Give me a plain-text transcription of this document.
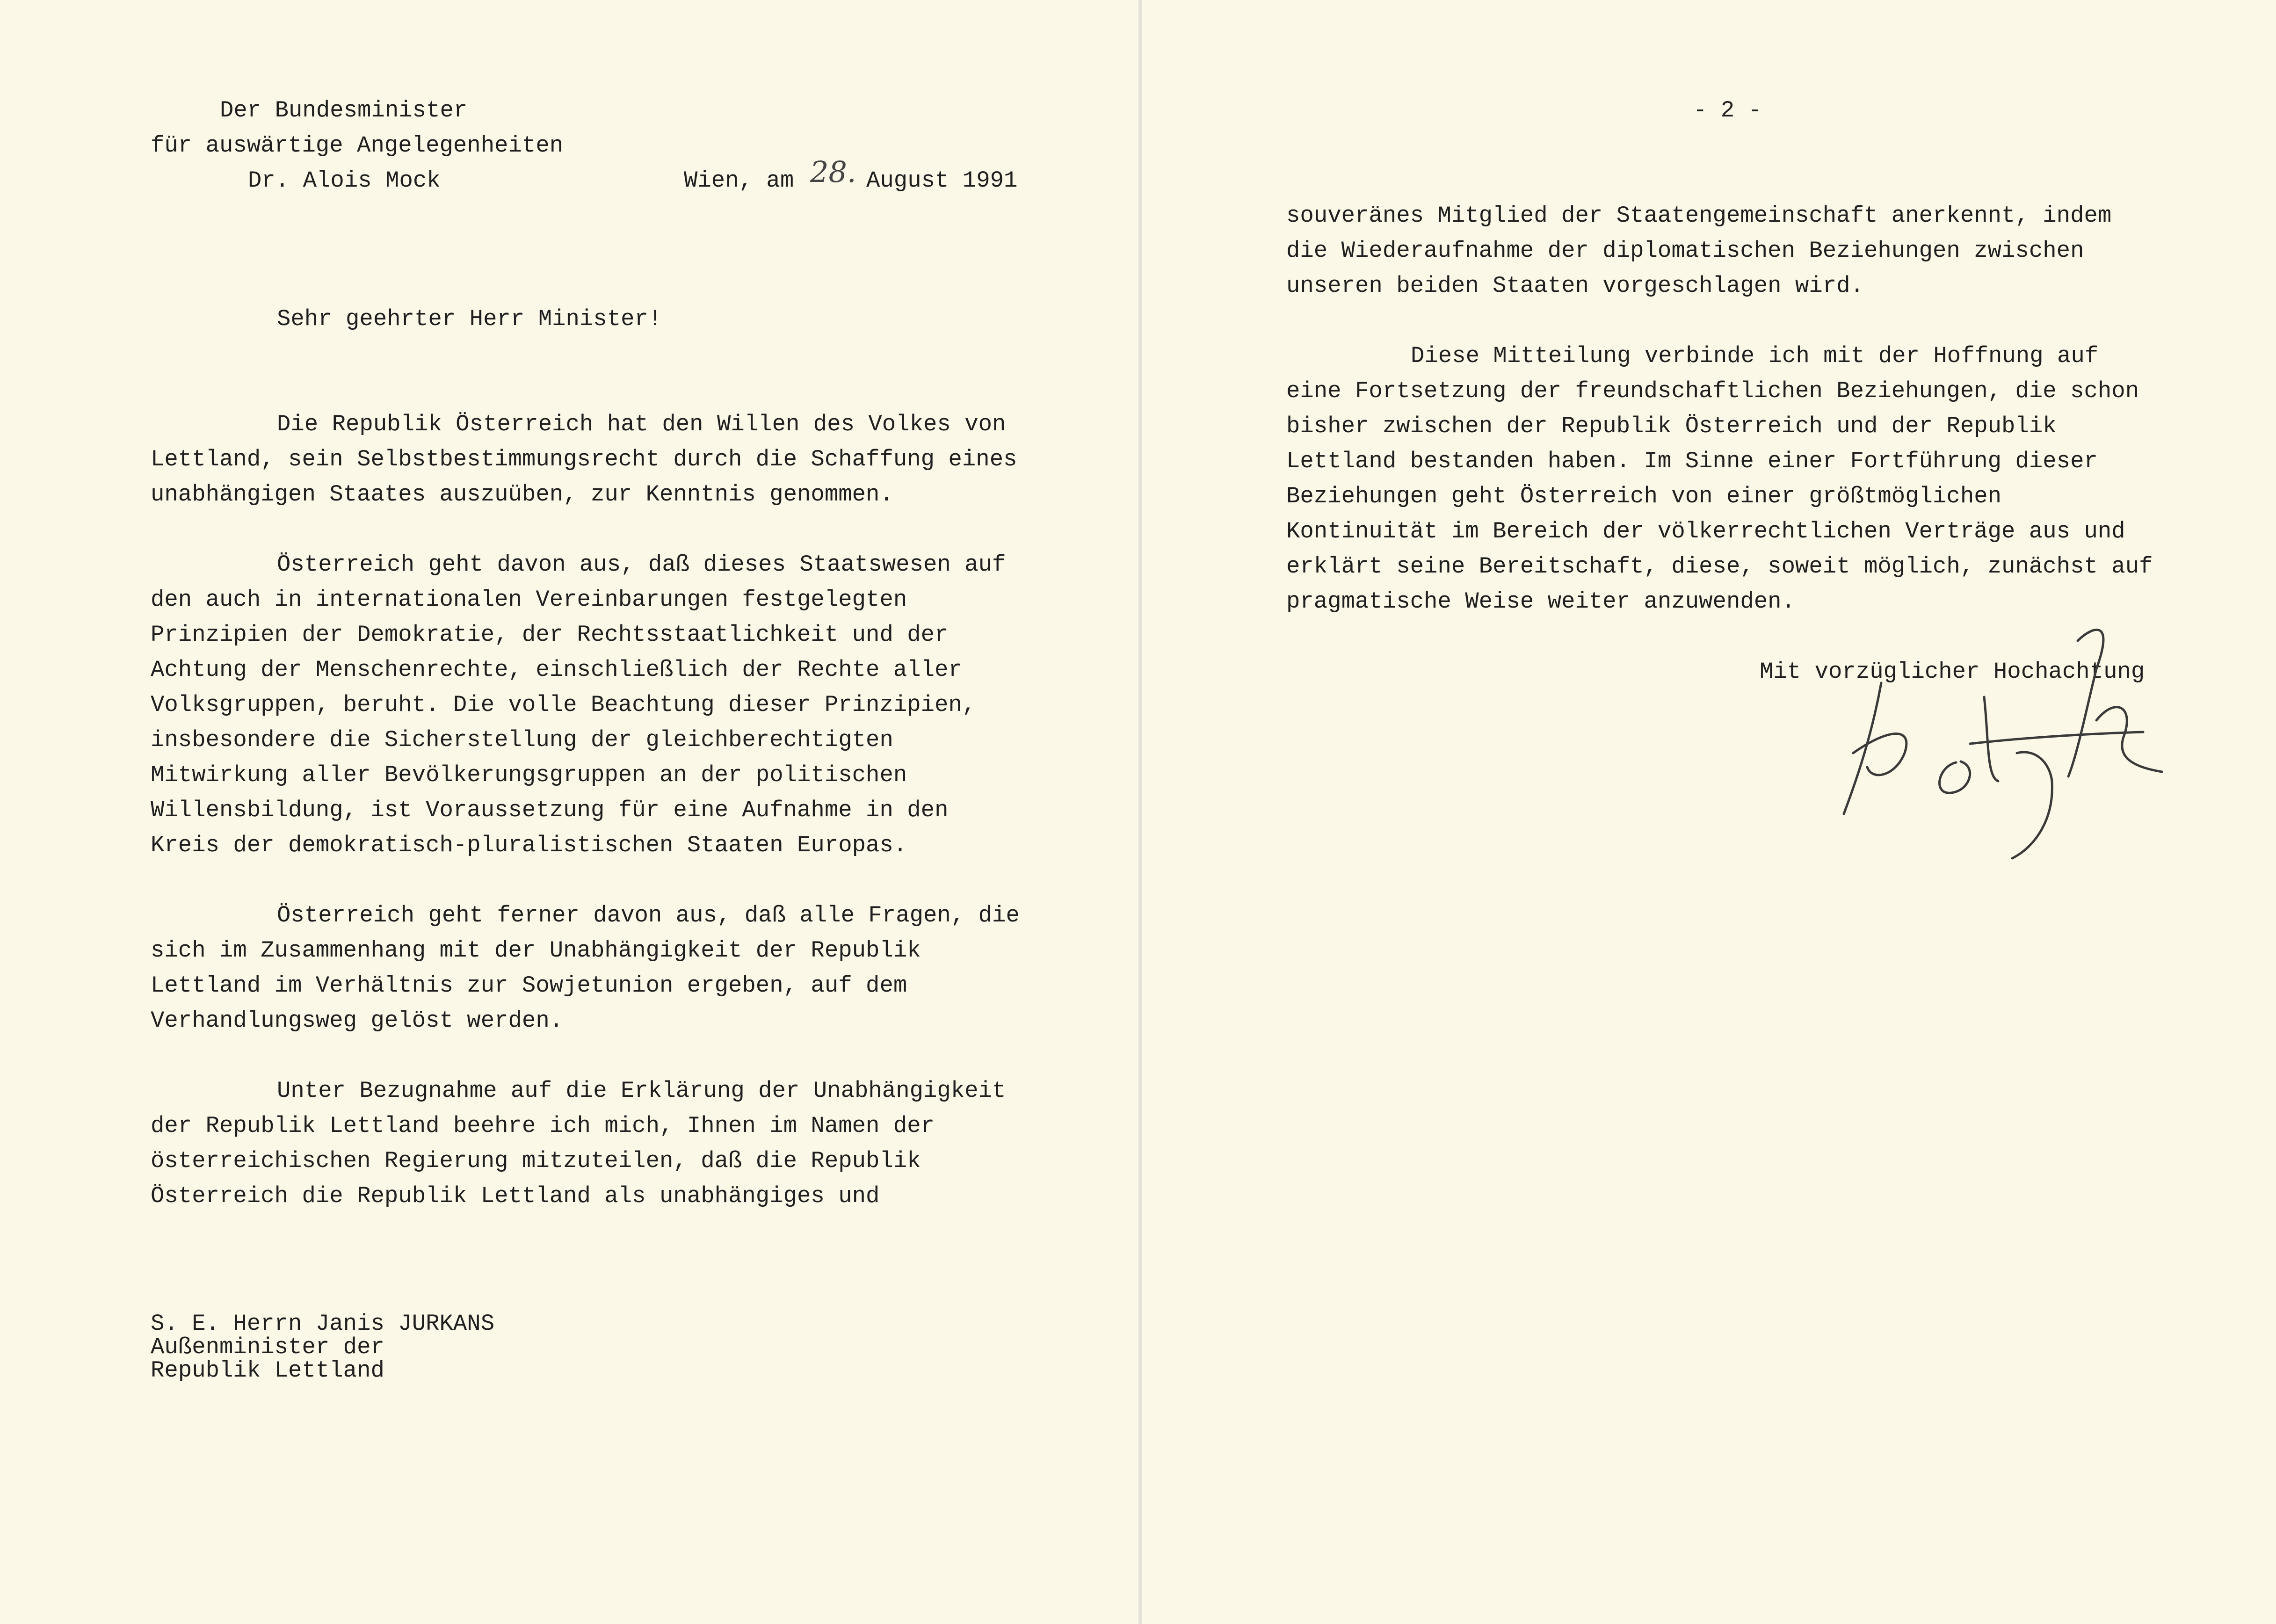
Der Bundesminister

für auswärtige Angelegenheiten

Dr. Alois Mock	Wien, am 28. August 1991

Sehr geehrter Herr Minister!

Die Republik Österreich hat den Willen des Volkes von

Lettland, sein Selbstbestimmungsrecht durch die Schaffung eines

unabhängigen Staates auszuüben, zur Kenntnis genommen.

Österreich geht davon aus, daß dieses Staatswesen auf

den auch in internationalen Vereinbarungen festgelegten

Prinzipien der Demokratie, der Rechtsstaatlichkeit und der

Achtung der Menschenrechte, einschließlich der Rechte aller

Volksgruppen, beruht. Die volle Beachtung dieser Prinzipien,

insbesondere die Sicherstellung der gleichberechtigten

Mitwirkung aller Bevölkerungsgruppen an der politischen

Willensbildung, ist Voraussetzung für eine Aufnahme in den

Kreis der demokratisch-pluralistischen Staaten Europas.

Österreich geht ferner davon aus, daß alle Fragen, die

sich im Zusammenhang mit der Unabhängigkeit der Republik

Lettland im Verhältnis zur Sowjetunion ergeben, auf dem

Verhandlungsweg gelöst werden.

Unter Bezugnahme auf die Erklärung der Unabhängigkeit

der Republik Lettland beehre ich mich, Ihnen im Namen der

österreichischen Regierung mitzuteilen, daß die Republik

Österreich die Republik Lettland als unabhängiges und

S. E. Herrn Janis JURKANS

Außenminister der

Republik Lettland

- 2 -

souveränes Mitglied der Staatengemeinschaft anerkennt, indem

die Wiederaufnahme der diplomatischen Beziehungen zwischen

unseren beiden Staaten vorgeschlagen wird.

Diese Mitteilung verbinde ich mit der Hoffnung auf

eine Fortsetzung der freundschaftlichen Beziehungen, die schon

bisher zwischen der Republik Österreich und der Republik

Lettland bestanden haben. Im Sinne einer Fortführung dieser

Beziehungen geht Österreich von einer größtmöglichen

Kontinuität im Bereich der völkerrechtlichen Verträge aus und

erklärt seine Bereitschaft, diese, soweit möglich, zunächst auf

pragmatische Weise weiter anzuwenden.

Mit vorzüglicher Hochachtung
